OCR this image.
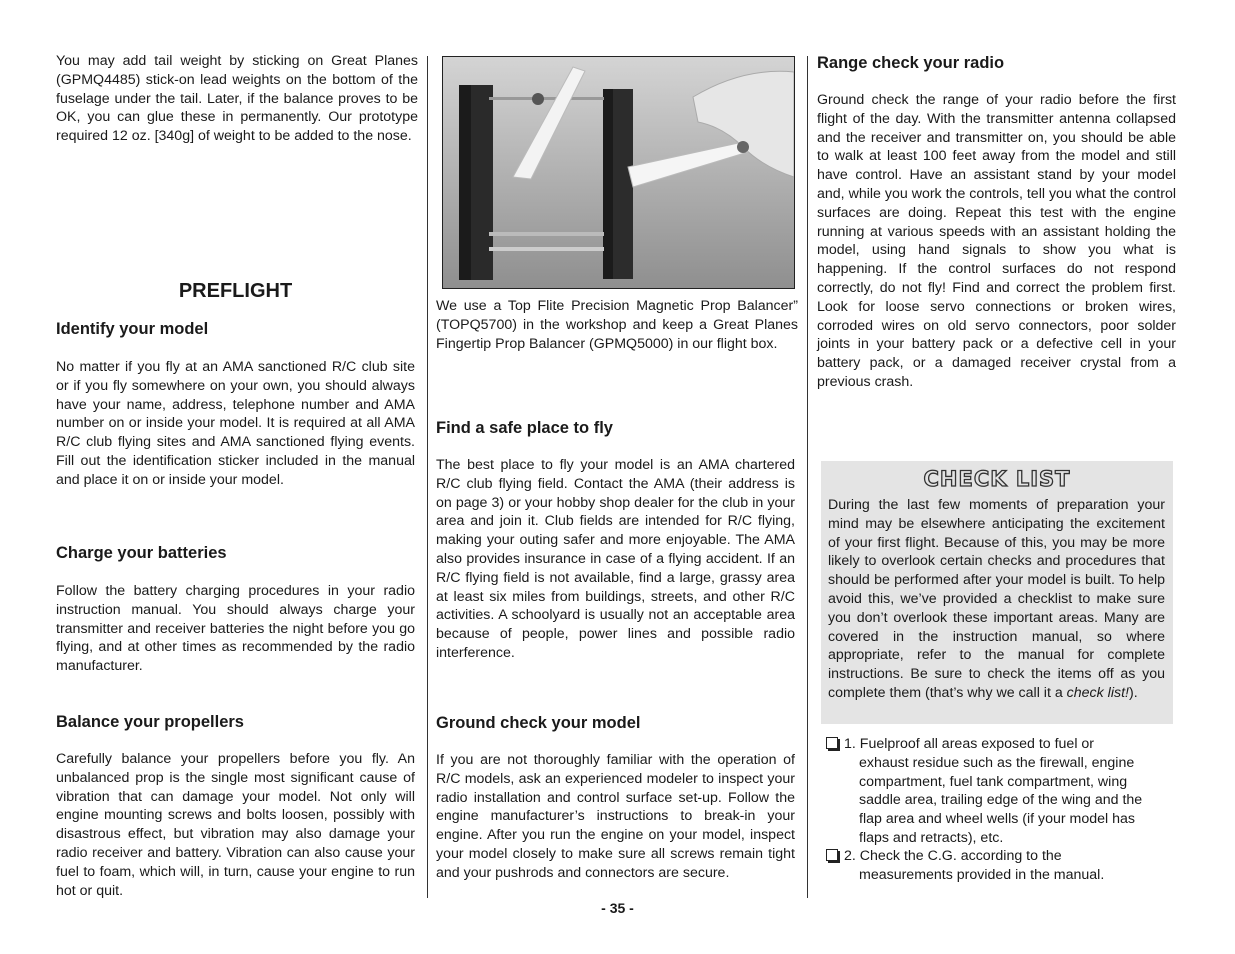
You may add tail weight by sticking on Great Planes (GPMQ4485) stick-on lead weights on the bottom of the fuselage under the tail. Later, if the balance proves to be OK, you can glue these in permanently. Our prototype required 12 oz. [340g] of weight to be added to the nose.

PREFLIGHT
Identify your model

No matter if you fly at an AMA sanctioned R/C club site or if you fly somewhere on your own, you should always have your name, address, telephone number and AMA number on or inside your model. It is required at all AMA R/C club flying sites and AMA sanctioned flying events. Fill out the identification sticker included in the manual and place it on or inside your model.

Charge your batteries

Follow the battery charging procedures in your radio instruction manual. You should always charge your transmitter and receiver batteries the night before you go flying, and at other times as recommended by the radio manufacturer.

Balance your propellers

Carefully balance your propellers before you fly. An unbalanced prop is the single most significant cause of vibration that can damage your model. Not only will engine mounting screws and bolts loosen, possibly with disastrous effect, but vibration may also damage your radio receiver and battery. Vibration can also cause your fuel to foam, which will, in turn, cause your engine to run hot or quit.

We use a Top Flite Precision Magnetic Prop Balancer” (TOPQ5700) in the workshop and keep a Great Planes Fingertip Prop Balancer (GPMQ5000) in our flight box.

Find a safe place to fly

The best place to fly your model is an AMA chartered R/C club flying field. Contact the AMA (their address is on page 3) or your hobby shop dealer for the club in your area and join it. Club fields are intended for R/C flying, making your outing safer and more enjoyable. The AMA also provides insurance in case of a flying accident. If an R/C flying field is not available, find a large, grassy area at least six miles from buildings, streets, and other R/C activities. A schoolyard is usually not an acceptable area because of people, power lines and possible radio interference.

Ground check your model

If you are not thoroughly familiar with the operation of R/C models, ask an experienced modeler to inspect your radio installation and control surface set-up. Follow the engine manufacturer’s instructions to break-in your engine. After you run the engine on your model, inspect your model closely to make sure all screws remain tight and your pushrods and connectors are secure.

Range check your radio

Ground check the range of your radio before the first flight of the day. With the transmitter antenna collapsed and the receiver and transmitter on, you should be able to walk at least 100 feet away from the model and still have control. Have an assistant stand by your model and, while you work the controls, tell you what the control surfaces are doing. Repeat this test with the engine running at various speeds with an assistant holding the model, using hand signals to show you what is happening. If the control surfaces do not respond correctly, do not fly! Find and correct the problem first. Look for loose servo connections or broken wires, corroded wires on old servo connectors, poor solder joints in your battery pack or a defective cell in your battery pack, or a damaged receiver crystal from a previous crash.

CHECK LIST

During the last few moments of preparation your mind may be elsewhere anticipating the excitement of your first flight. Because of this, you may be more likely to overlook certain checks and procedures that should be performed after your model is built. To help avoid this, we’ve provided a checklist to make sure you don’t overlook these important areas. Many are covered in the instruction manual, so where appropriate, refer to the manual for complete instructions. Be sure to check the items off as you complete them (that’s why we call it a check list!).

1. Fuelproof all areas exposed to fuel or
exhaust residue such as the firewall, engine
compartment, fuel tank compartment, wing
saddle area, trailing edge of the wing and the
flap area and wheel wells (if your model has
flaps and retracts), etc.
2. Check the C.G. according to the
measurements provided in the manual.
- 35 -
